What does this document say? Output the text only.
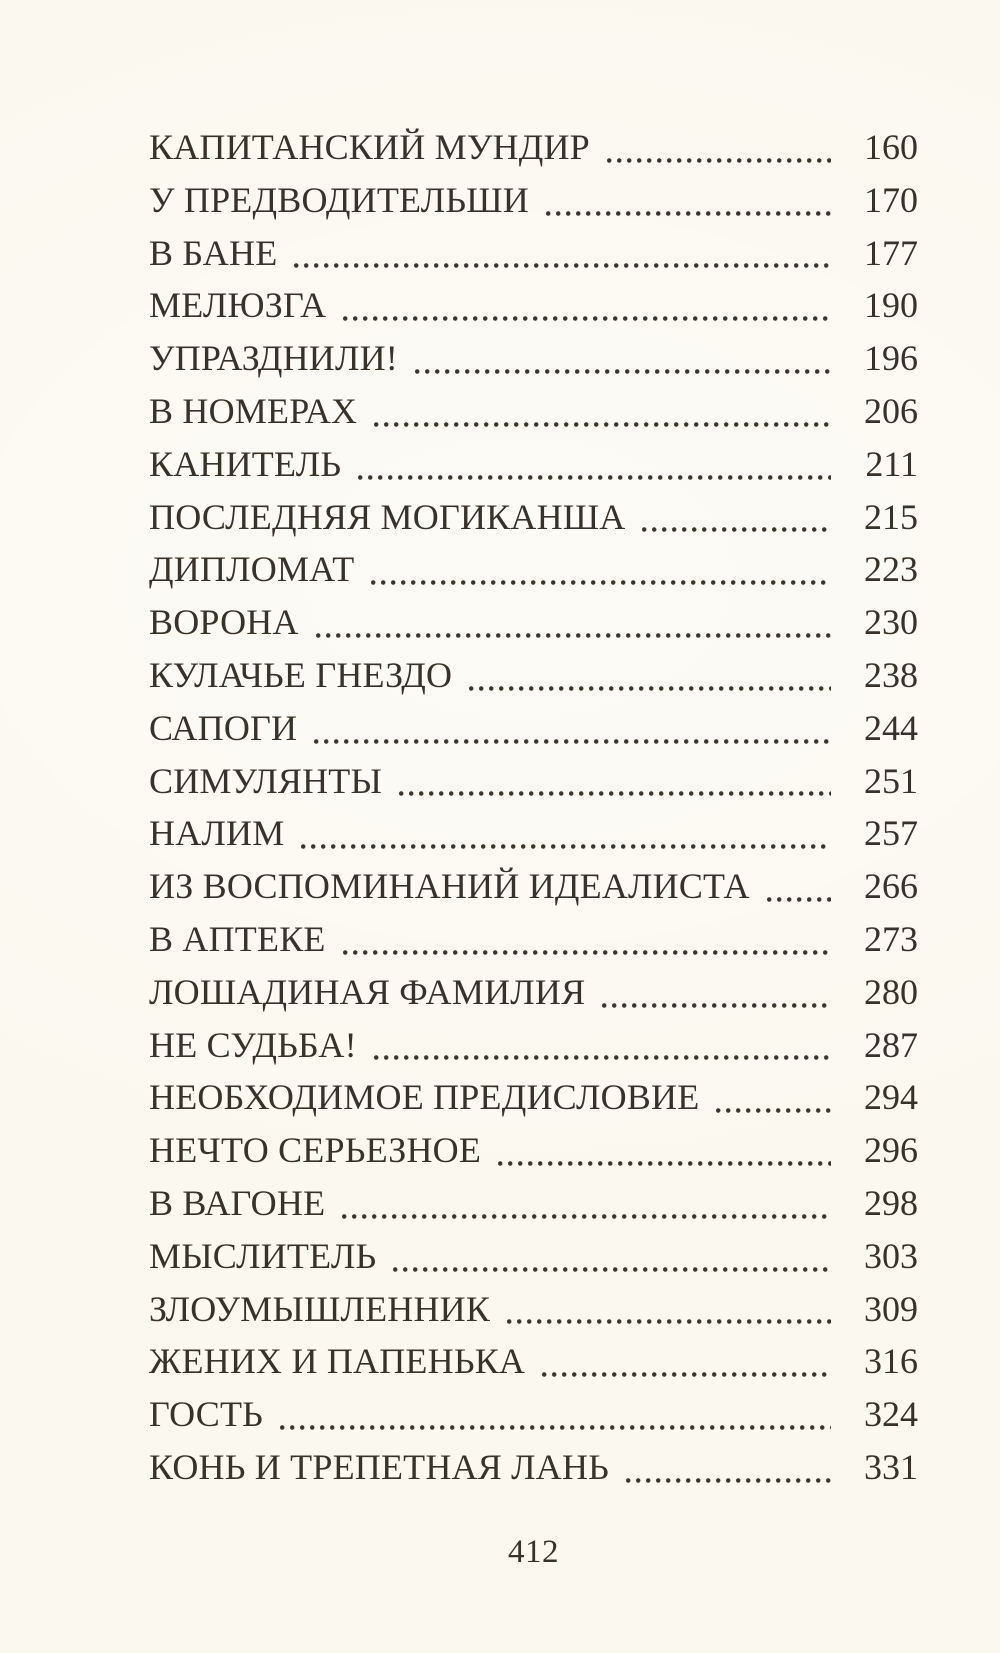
КАПИТАНСКИЙ МУНДИР	160
У ПРЕДВОДИТЕЛЬШИ	170
В БАНЕ	177
МЕЛЮЗГА	190
УПРАЗДНИЛИ!	196
В НОМЕРАХ	206
КАНИТЕЛЬ	211
ПОСЛЕДНЯЯ МОГИКАНША	215
ДИПЛОМАТ	223
ВОРОНА	230
КУЛАЧЬЕ ГНЕЗДО	238
САПОГИ	244
СИМУЛЯНТЫ	251
НАЛИМ	257
ИЗ ВОСПОМИНАНИЙ ИДЕАЛИСТА	266
В АПТЕКЕ	273
ЛОШАДИНАЯ ФАМИЛИЯ	280
НЕ СУДЬБА!	287
НЕОБХОДИМОЕ ПРЕДИСЛОВИЕ	294
НЕЧТО СЕРЬЕЗНОЕ	296
В ВАГОНЕ	298
МЫСЛИТЕЛЬ	303
ЗЛОУМЫШЛЕННИК	309
ЖЕНИХ И ПАПЕНЬКА	316
ГОСТЬ	324
КОНЬ И ТРЕПЕТНАЯ ЛАНЬ	331
412
